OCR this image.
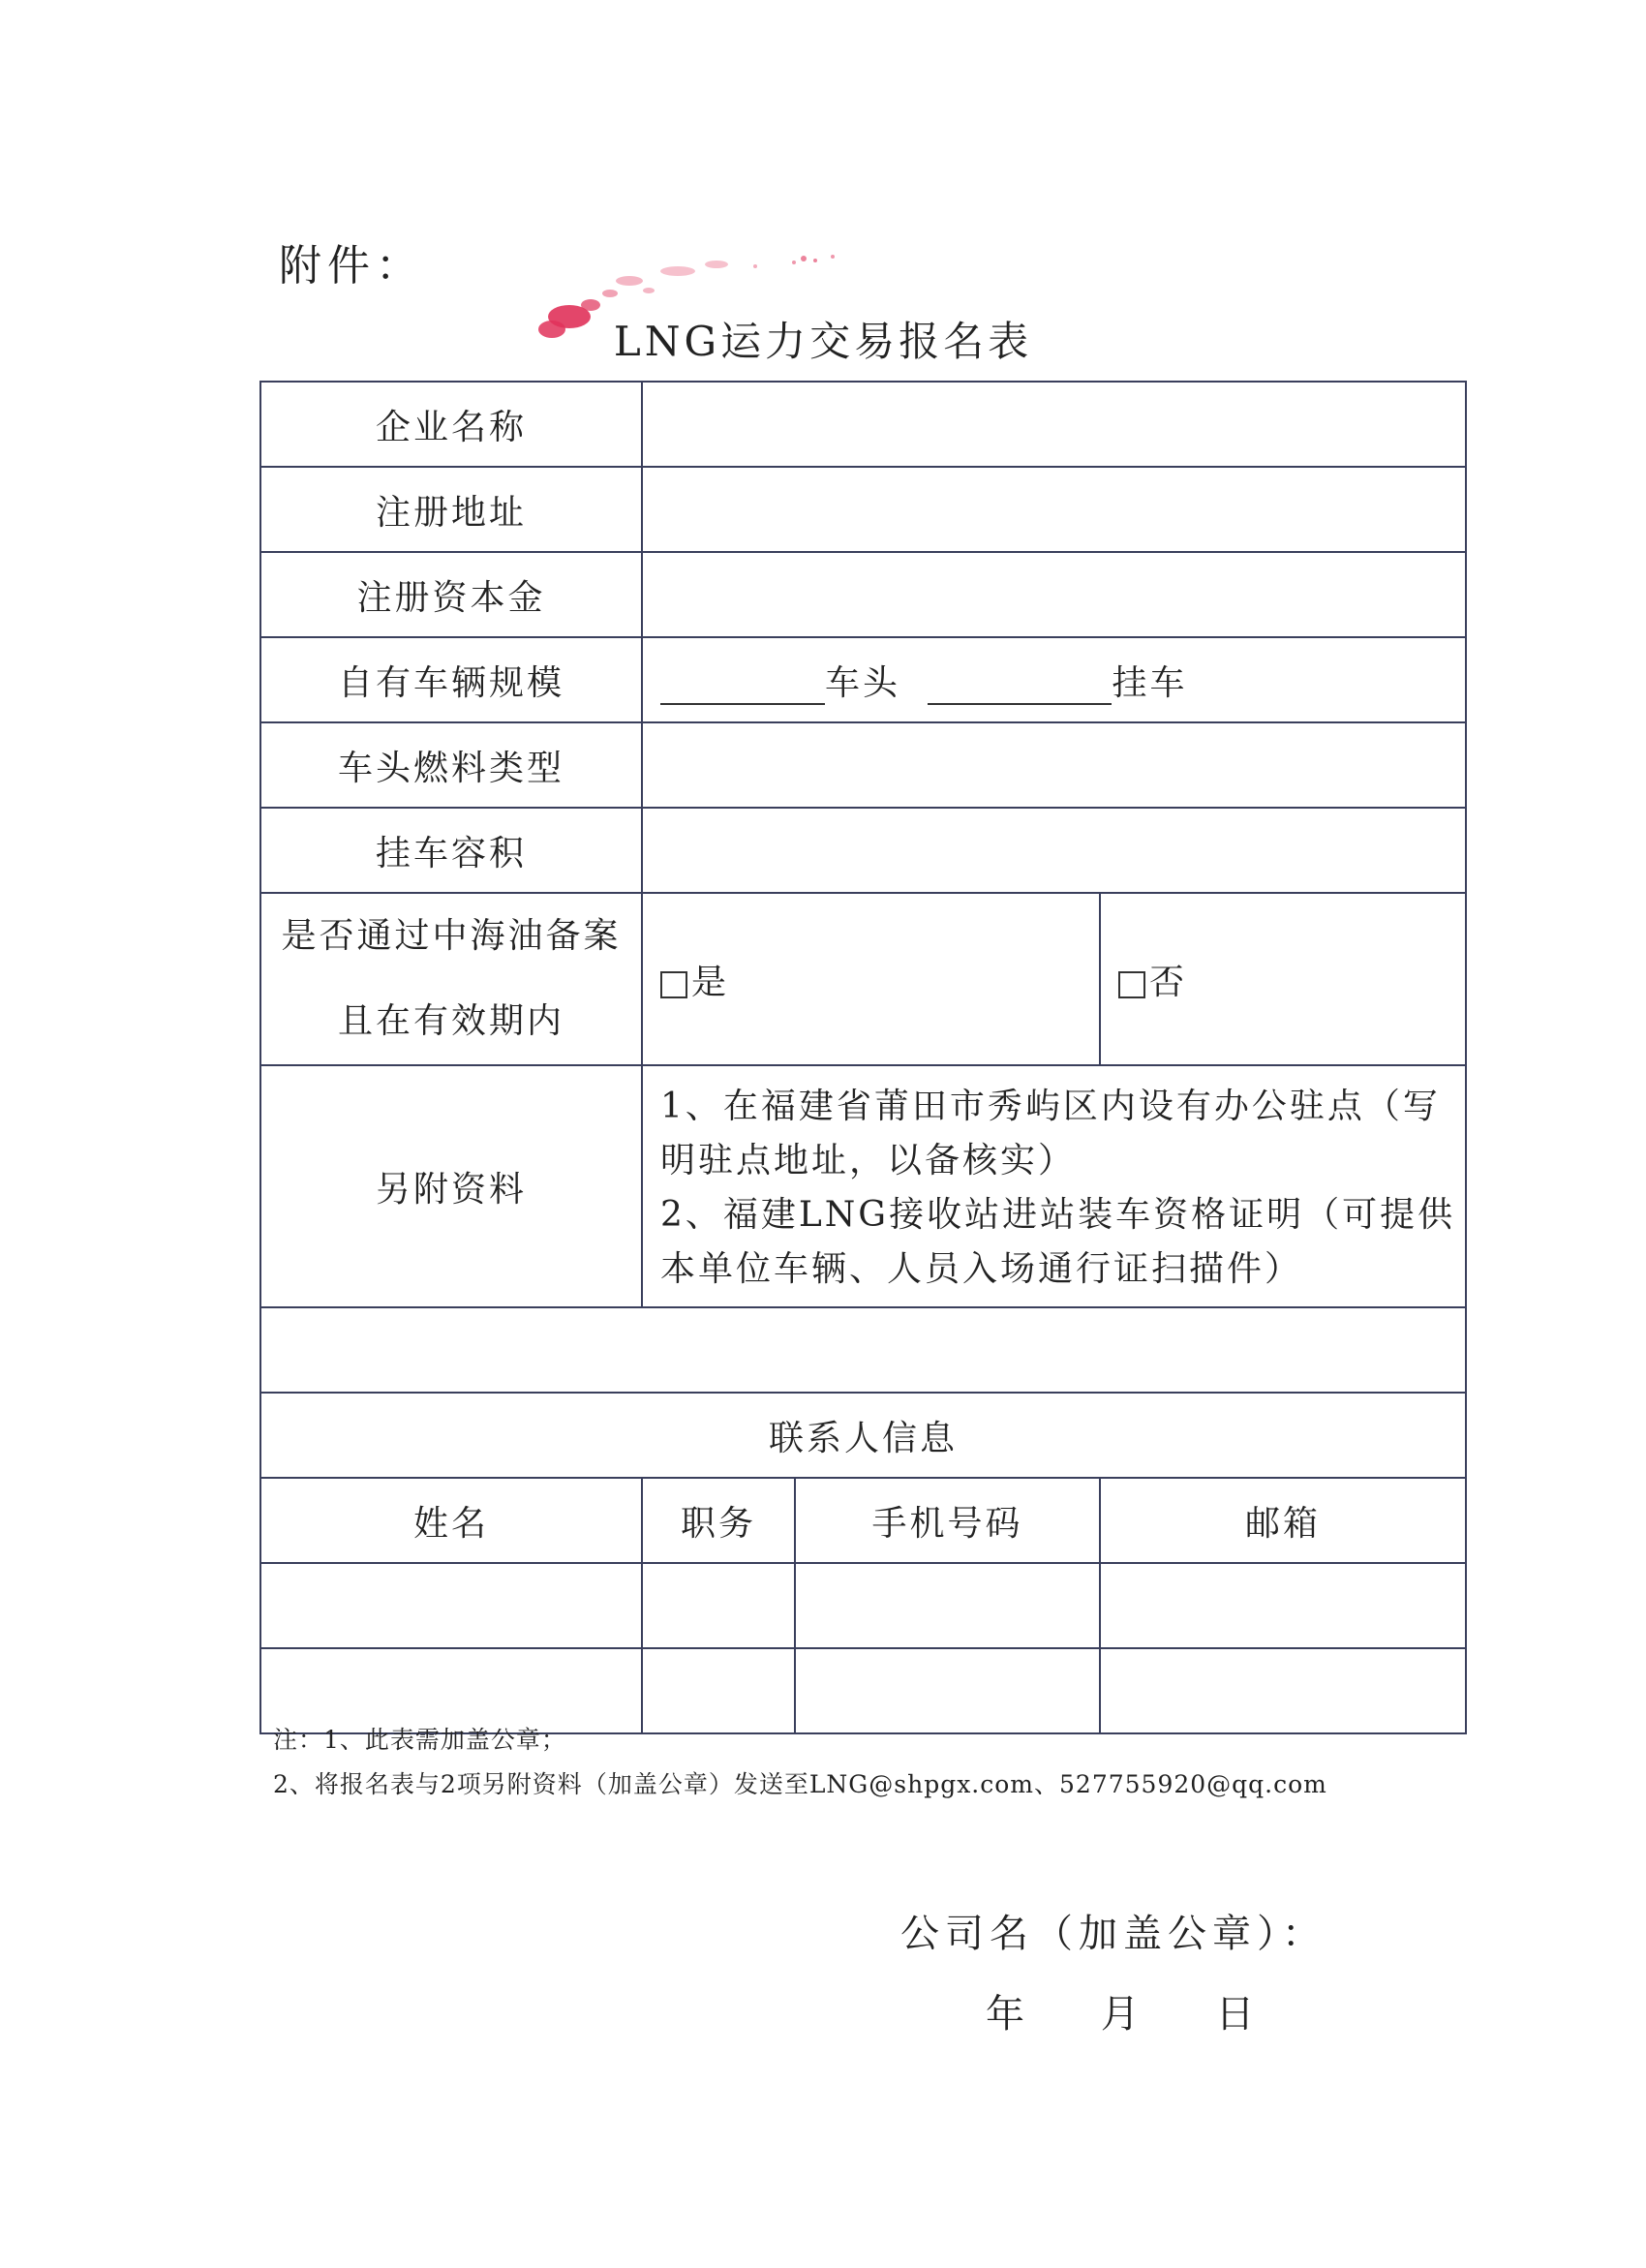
附件：
LNG运力交易报名表
企业名称			
注册地址			
注册资本金			
自有车辆规模	车头 挂车		
车头燃料类型			
挂车容积			

是否通过中海油备案
且在有效期内	是		否
另附资料	1、在福建省莆田市秀屿区内设有办公驻点（写
明驻点地址，以备核实）
2、福建LNG接收站进站装车资格证明（可提供
本单位车辆、人员入场通行证扫描件）		

联系人信息			
姓名	职务	手机号码	邮箱

注：1、此表需加盖公章；
2、将报名表与2项另附资料（加盖公章）发送至LNG@shpgx.com、527755920@qq.com
公司名（加盖公章）：
年 月 日
